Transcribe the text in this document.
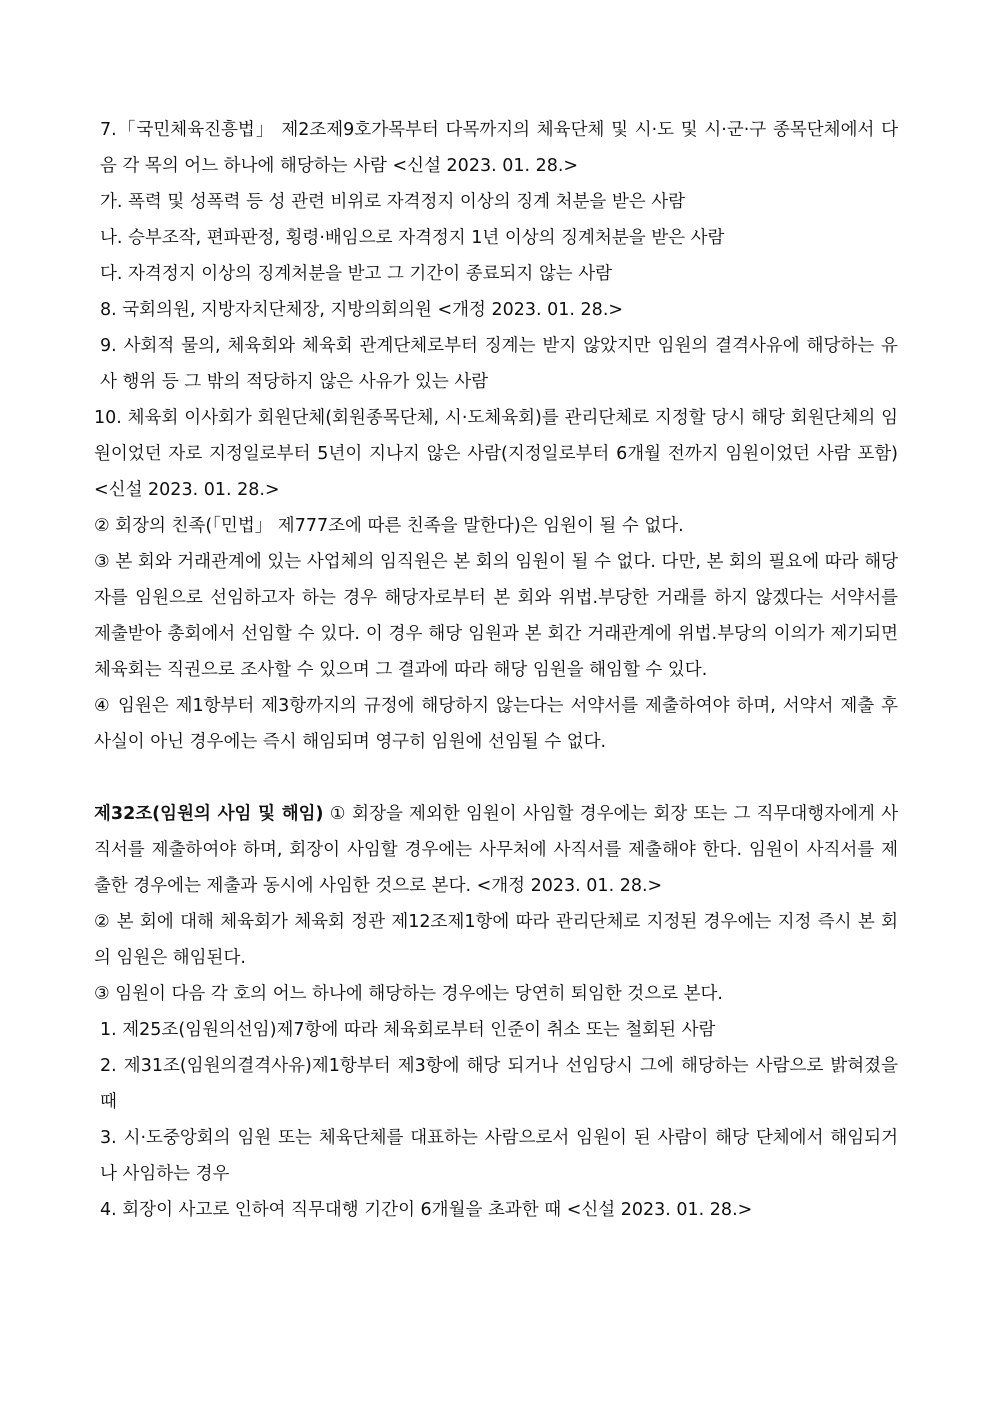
7.「국민체육진흥법」 제2조제9호가목부터 다목까지의 체육단체 및 시·도 및 시·군·구 종목단체에서 다음 각 목의 어느 하나에 해당하는 사람 <신설 2023. 01. 28.>

가. 폭력 및 성폭력 등 성 관련 비위로 자격정지 이상의 징계 처분을 받은 사람

나. 승부조작, 편파판정, 횡령·배임으로 자격정지 1년 이상의 징계처분을 받은 사람

다. 자격정지 이상의 징계처분을 받고 그 기간이 종료되지 않는 사람

8. 국회의원, 지방자치단체장, 지방의회의원 <개정 2023. 01. 28.>

9. 사회적 물의, 체육회와 체육회 관계단체로부터 징계는 받지 않았지만 임원의 결격사유에 해당하는 유사 행위 등 그 밖의 적당하지 않은 사유가 있는 사람

10. 체육회 이사회가 회원단체(회원종목단체, 시·도체육회)를 관리단체로 지정할 당시 해당 회원단체의 임원이었던 자로 지정일로부터 5년이 지나지 않은 사람(지정일로부터 6개월 전까지 임원이었던 사람 포함) <신설 2023. 01. 28.>

② 회장의 친족(「민법」 제777조에 따른 친족을 말한다)은 임원이 될 수 없다.

③ 본 회와 거래관계에 있는 사업체의 임직원은 본 회의 임원이 될 수 없다. 다만, 본 회의 필요에 따라 해당자를 임원으로 선임하고자 하는 경우 해당자로부터 본 회와 위법.부당한 거래를 하지 않겠다는 서약서를 제출받아 총회에서 선임할 수 있다. 이 경우 해당 임원과 본 회간 거래관계에 위법.부당의 이의가 제기되면 체육회는 직권으로 조사할 수 있으며 그 결과에 따라 해당 임원을 해임할 수 있다.

④ 임원은 제1항부터 제3항까지의 규정에 해당하지 않는다는 서약서를 제출하여야 하며, 서약서 제출 후 사실이 아닌 경우에는 즉시 해임되며 영구히 임원에 선임될 수 없다.

제32조(임원의 사임 및 해임) ① 회장을 제외한 임원이 사임할 경우에는 회장 또는 그 직무대행자에게 사직서를 제출하여야 하며, 회장이 사임할 경우에는 사무처에 사직서를 제출해야 한다. 임원이 사직서를 제출한 경우에는 제출과 동시에 사임한 것으로 본다. <개정 2023. 01. 28.>

② 본 회에 대해 체육회가 체육회 정관 제12조제1항에 따라 관리단체로 지정된 경우에는 지정 즉시 본 회의 임원은 해임된다.

③ 임원이 다음 각 호의 어느 하나에 해당하는 경우에는 당연히 퇴임한 것으로 본다.

1. 제25조(임원의선임)제7항에 따라 체육회로부터 인준이 취소 또는 철회된 사람

2. 제31조(임원의결격사유)제1항부터 제3항에 해당 되거나 선임당시 그에 해당하는 사람으로 밝혀졌을 때

3. 시·도중앙회의 임원 또는 체육단체를 대표하는 사람으로서 임원이 된 사람이 해당 단체에서 해임되거나 사임하는 경우

4. 회장이 사고로 인하여 직무대행 기간이 6개월을 초과한 때 <신설 2023. 01. 28.>
